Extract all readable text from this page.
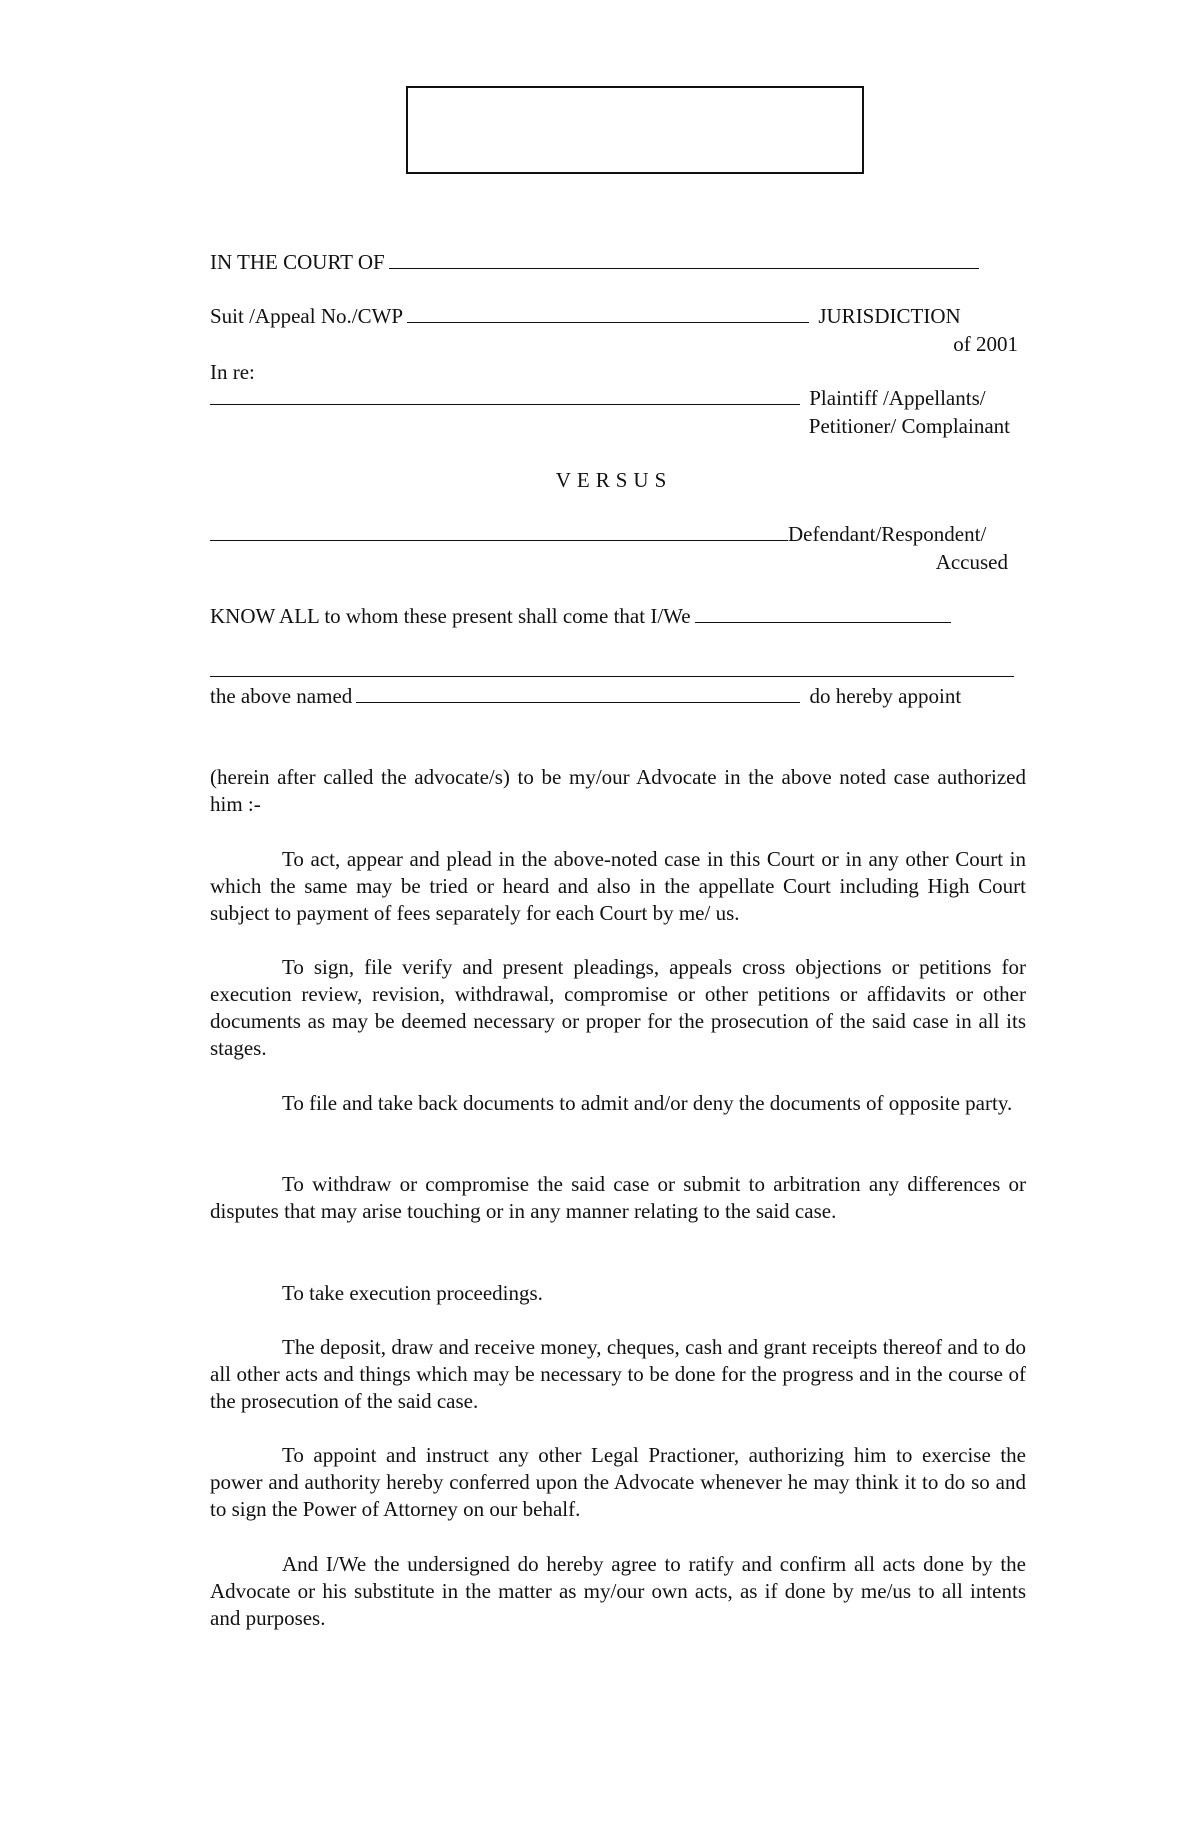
IN THE COURT OF
Suit /Appeal No./CWP	JURISDICTION
of 2001
In re:
Plaintiff /Appellants/
Petitioner/ Complainant
VERSUS
Defendant/Respondent/
Accused
KNOW ALL to whom these present shall come that I/We
the above named	do hereby appoint
(herein after called the advocate/s) to be my/our Advocate in the above noted case authorized him :-
To act, appear and plead in the above-noted case in this Court or in any other Court in which the same may be tried or heard and also in the appellate Court including High Court subject to payment of fees separately for each Court by me/ us.
To sign, file verify and present pleadings, appeals cross objections or petitions for execution review, revision, withdrawal, compromise or other petitions or affidavits or other documents as may be deemed necessary or proper for the prosecution of the said case in all its stages.
To file and take back documents to admit and/or deny the documents of opposite party.
To withdraw or compromise the said case or submit to arbitration any differences or disputes that may arise touching or in any manner relating to the said case.
To take execution proceedings.
The deposit, draw and receive money, cheques, cash and grant receipts thereof and to do all other acts and things which may be necessary to be done for the progress and in the course of the prosecution of the said case.
To appoint and instruct any other Legal Practioner, authorizing him to exercise the power and authority hereby conferred upon the Advocate whenever he may think it to do so and to sign the Power of Attorney on our behalf.
And I/We the undersigned do hereby agree to ratify and confirm all acts done by the Advocate or his substitute in the matter as my/our own acts, as if done by me/us to all intents and purposes.
